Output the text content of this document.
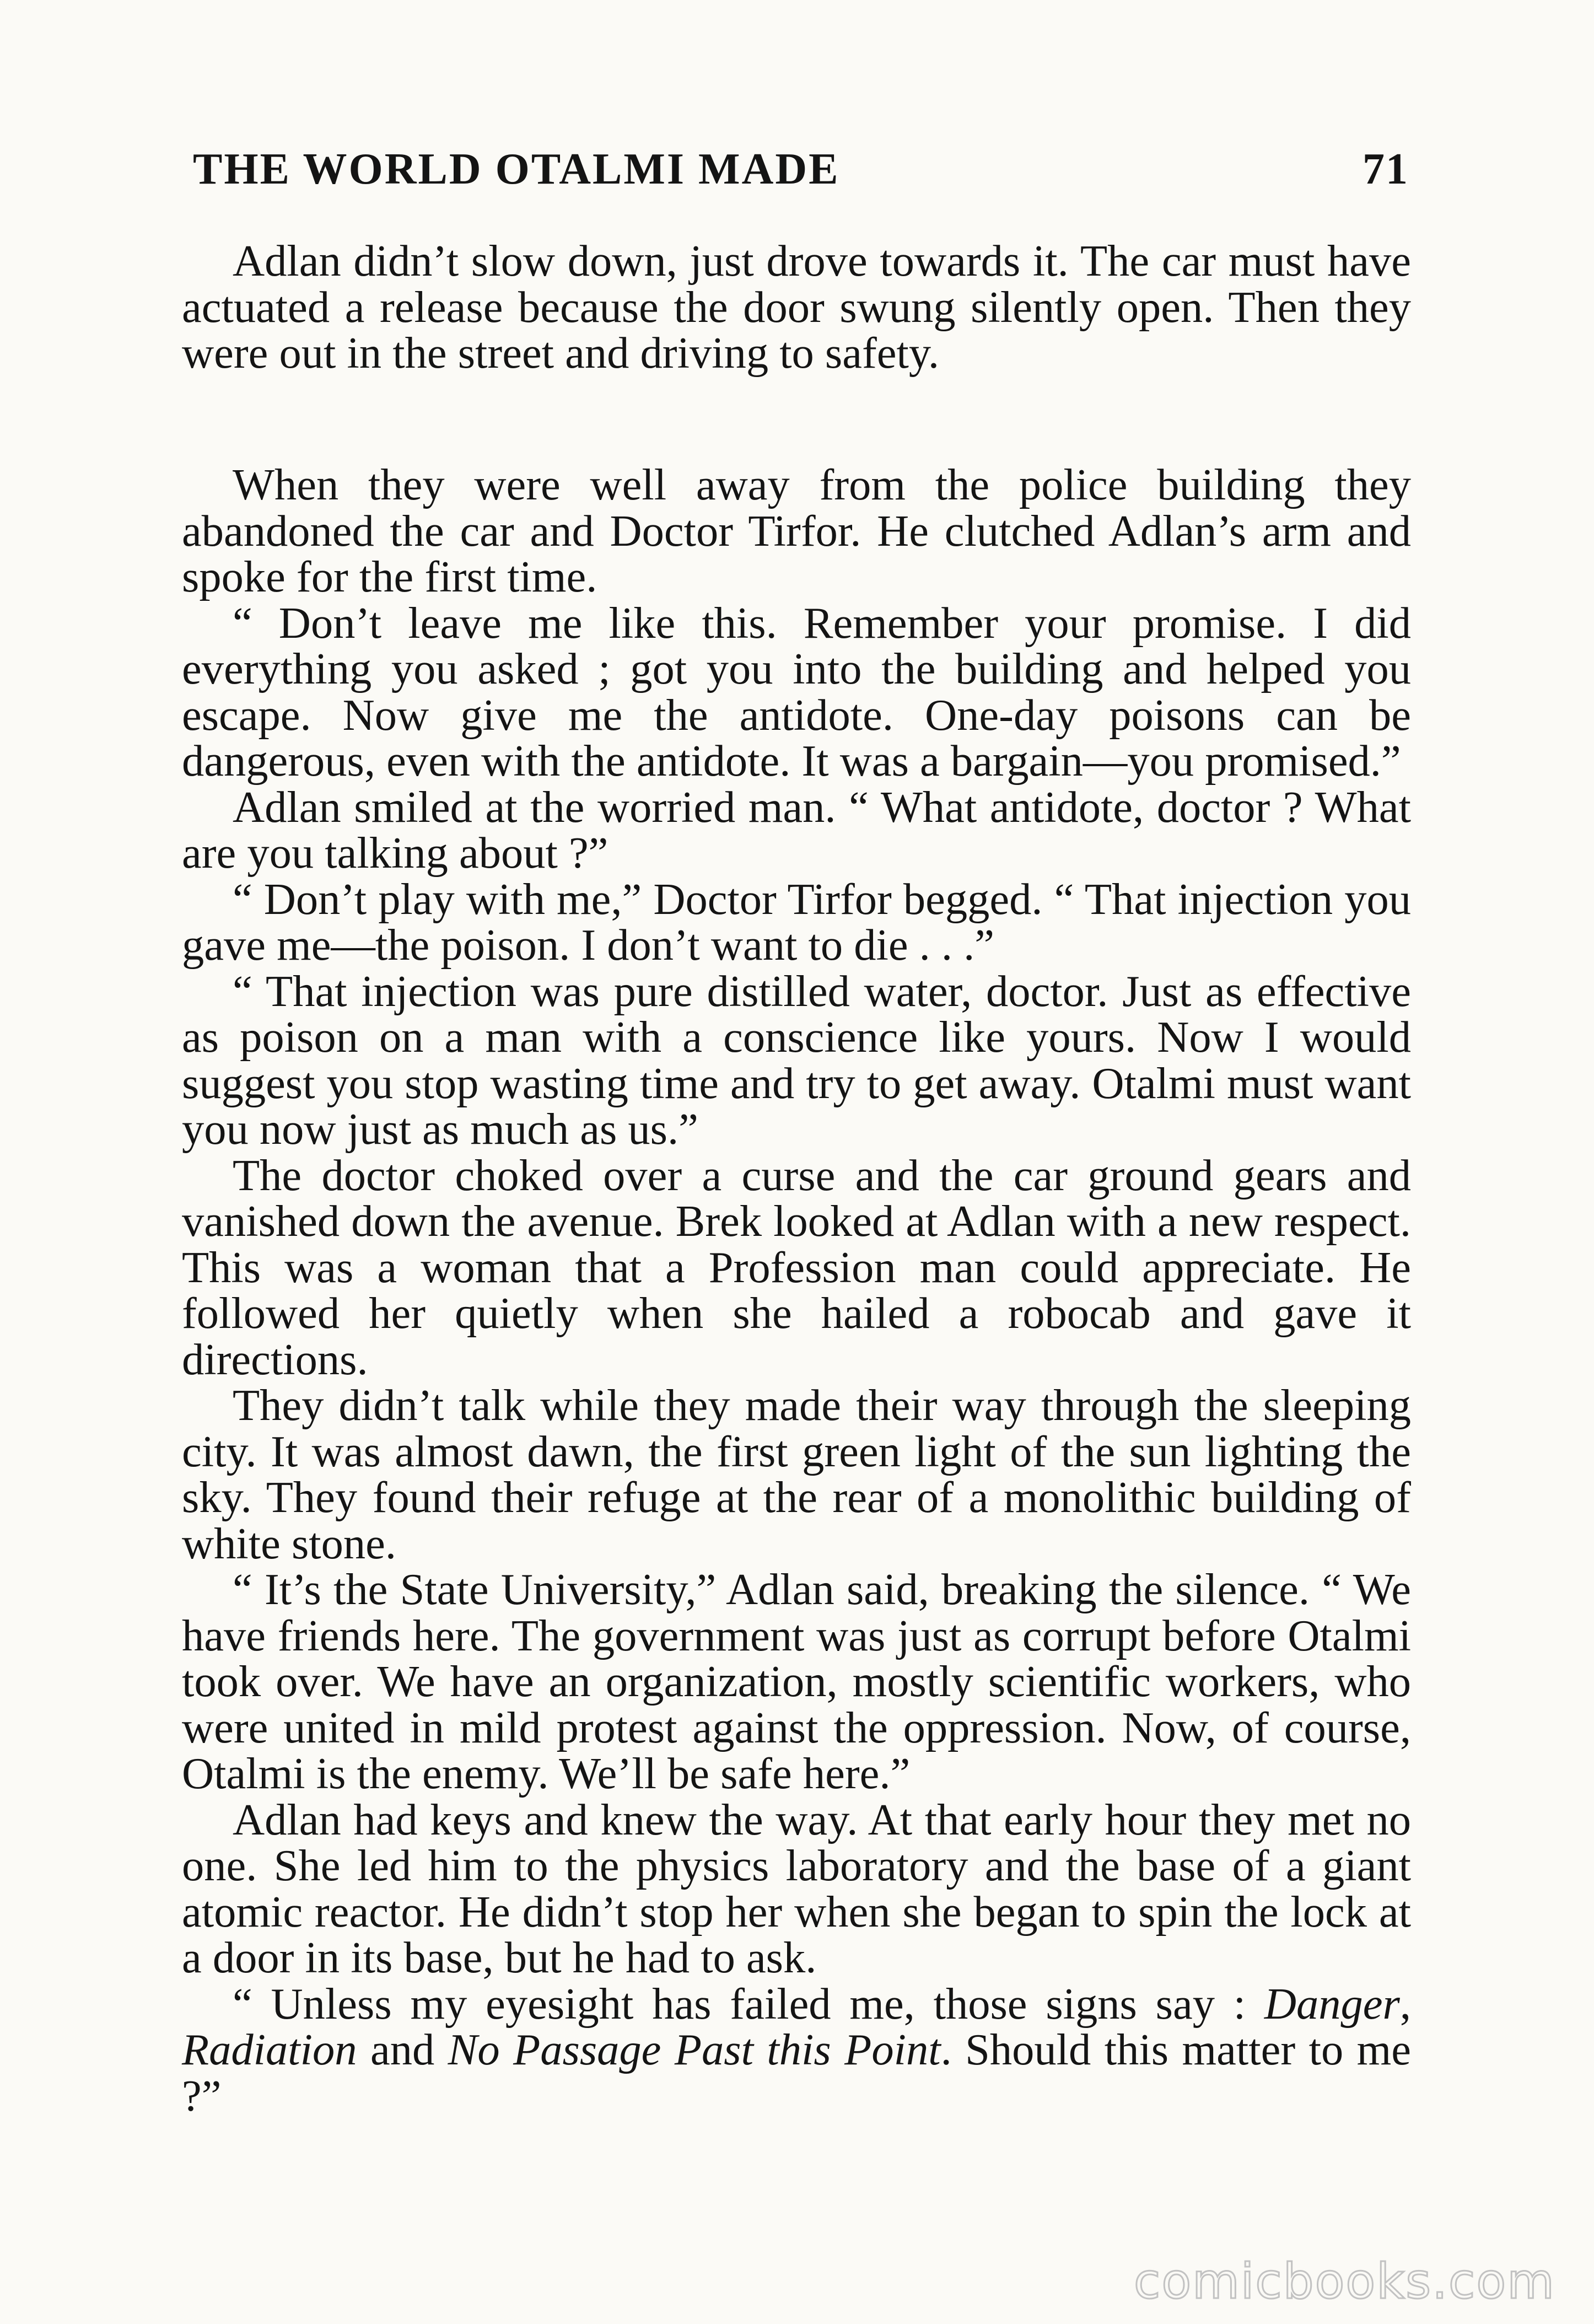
THE WORLD OTALMI MADE	71

Adlan didn’t slow down, just drove towards it. The car must have actuated a release because the door swung silently open. Then they were out in the street and driving to safety.

When they were well away from the police building they abandoned the car and Doctor Tirfor. He clutched Adlan’s arm and spoke for the first time.

“ Don’t leave me like this. Remember your promise. I did everything you asked ; got you into the building and helped you escape. Now give me the antidote. One-day poisons can be dangerous, even with the antidote. It was a bargain—you promised.”

Adlan smiled at the worried man. “ What antidote, doctor ? What are you talking about ?”

“ Don’t play with me,” Doctor Tirfor begged. “ That injection you gave me—the poison. I don’t want to die . . .”

“ That injection was pure distilled water, doctor. Just as effective as poison on a man with a conscience like yours. Now I would suggest you stop wasting time and try to get away. Otalmi must want you now just as much as us.”

The doctor choked over a curse and the car ground gears and vanished down the avenue. Brek looked at Adlan with a new respect. This was a woman that a Profession man could appreciate. He followed her quietly when she hailed a robocab and gave it directions.

They didn’t talk while they made their way through the sleeping city. It was almost dawn, the first green light of the sun lighting the sky. They found their refuge at the rear of a monolithic building of white stone.

“ It’s the State University,” Adlan said, breaking the silence. “ We have friends here. The government was just as corrupt before Otalmi took over. We have an organization, mostly scientific workers, who were united in mild protest against the oppression. Now, of course, Otalmi is the enemy. We’ll be safe here.”

Adlan had keys and knew the way. At that early hour they met no one. She led him to the physics laboratory and the base of a giant atomic reactor. He didn’t stop her when she began to spin the lock at a door in its base, but he had to ask.

“ Unless my eyesight has failed me, those signs say : Danger, Radiation and No Passage Past this Point. Should this matter to me ?”

comicbooks.com
